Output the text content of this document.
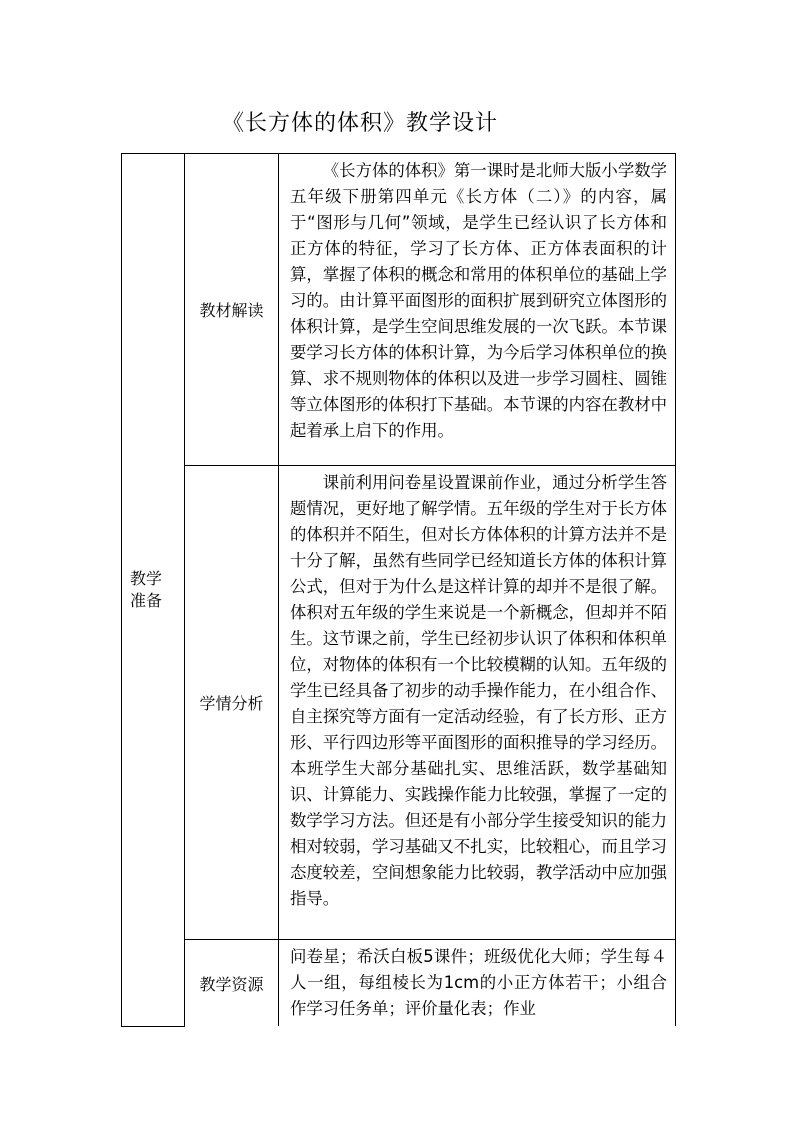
《长方体的体积》教学设计
教学
准备	教材解读	《长方体的体积》第一课时是北师大版小学数学五年级下册第四单元《长方体（二）》的内容，属于“图形与几何”领域，是学生已经认识了长方体和正方体的特征，学习了长方体、正方体表面积的计算，掌握了体积的概念和常用的体积单位的基础上学习的。由计算平面图形的面积扩展到研究立体图形的体积计算，是学生空间思维发展的一次飞跃。本节课要学习长方体的体积计算，为今后学习体积单位的换算、求不规则物体的体积以及进一步学习圆柱、圆锥等立体图形的体积打下基础。本节课的内容在教材中起着承上启下的作用。

	学情分析	课前利用问卷星设置课前作业，通过分析学生答题情况，更好地了解学情。五年级的学生对于长方体的体积并不陌生，但对长方体体积的计算方法并不是十分了解，虽然有些同学已经知道长方体的体积计算公式，但对于为什么是这样计算的却并不是很了解。体积对五年级的学生来说是一个新概念，但却并不陌生。这节课之前，学生已经初步认识了体积和体积单位，对物体的体积有一个比较模糊的认知。五年级的学生已经具备了初步的动手操作能力，在小组合作、自主探究等方面有一定活动经验，有了长方形、正方形、平行四边形等平面图形的面积推导的学习经历。本班学生大部分基础扎实、思维活跃，数学基础知识、计算能力、实践操作能力比较强，掌握了一定的数学学习方法。但还是有小部分学生接受知识的能力相对较弱，学习基础又不扎实，比较粗心，而且学习态度较差，空间想象能力比较弱，教学活动中应加强指导。

	教学资源	问卷星；希沃白板5课件；班级优化大师；学生每４人一组，每组棱长为1cm的小正方体若干；小组合作学习任务单；评价量化表；作业
